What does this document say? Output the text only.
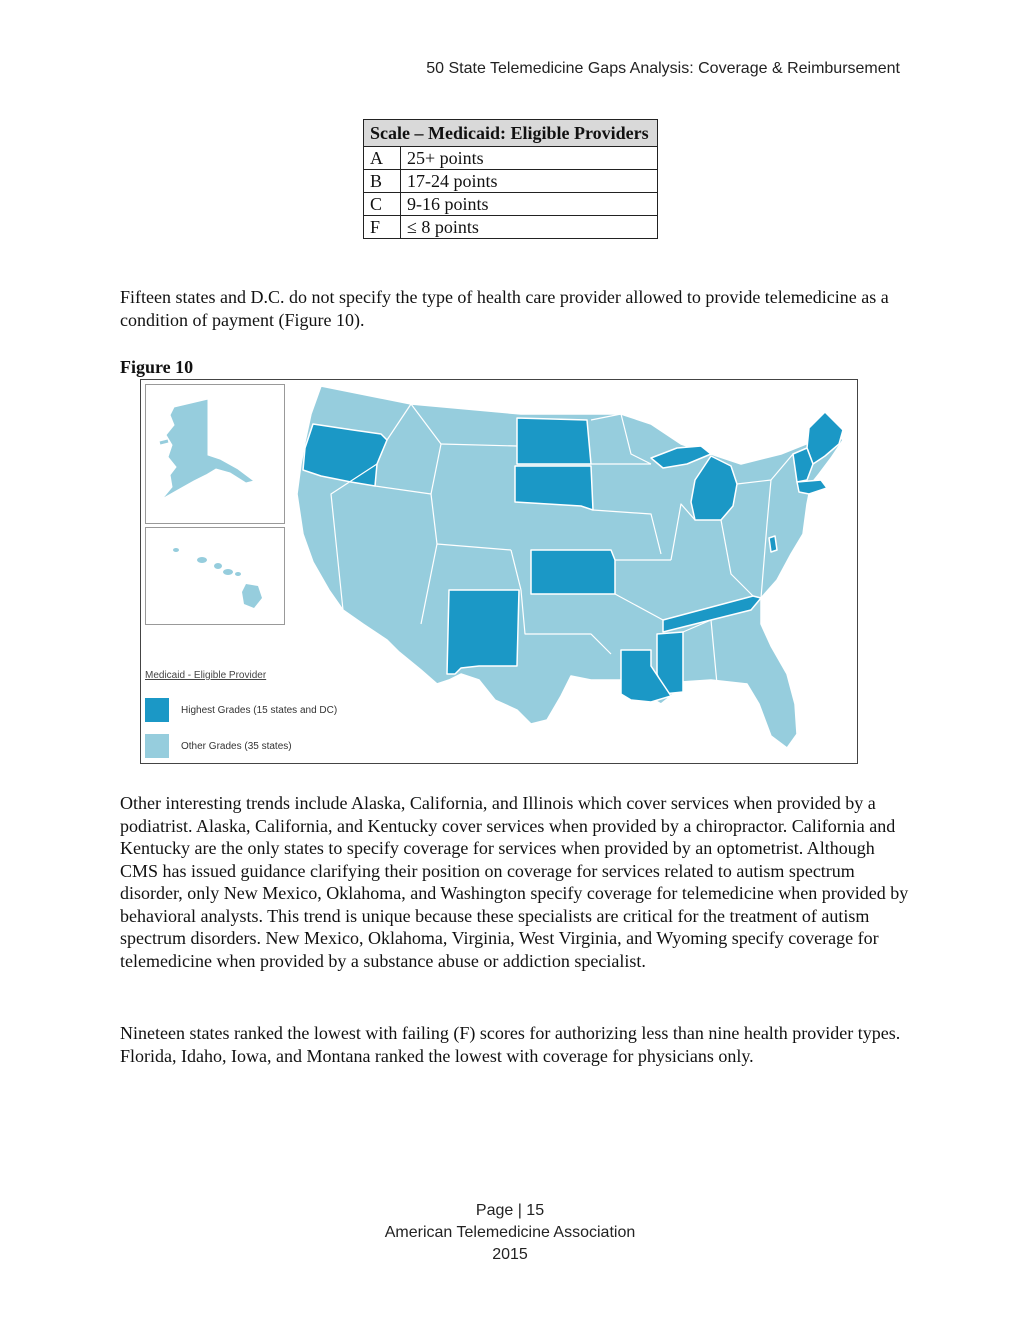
50 State Telemedicine Gaps Analysis: Coverage & Reimbursement
Scale – Medicaid: Eligible Providers	
A	25+ points
B	17-24 points
C	9-16 points
F	≤ 8 points

Fifteen states and D.C. do not specify the type of health care provider allowed to provide telemedicine as a condition of payment (Figure 10).

Figure 10
Medicaid - Eligible Provider
Highest Grades (15 states and DC)
Other Grades (35 states)

Other interesting trends include Alaska, California, and Illinois which cover services when provided by a podiatrist. Alaska, California, and Kentucky cover services when provided by a chiropractor. California and Kentucky are the only states to specify coverage for services when provided by an optometrist. Although CMS has issued guidance clarifying their position on coverage for services related to autism spectrum disorder, only New Mexico, Oklahoma, and Washington specify coverage for telemedicine when provided by behavioral analysts. This trend is unique because these specialists are critical for the treatment of autism spectrum disorders. New Mexico, Oklahoma, Virginia, West Virginia, and Wyoming specify coverage for telemedicine when provided by a substance abuse or addiction specialist.

Nineteen states ranked the lowest with failing (F) scores for authorizing less than nine health provider types. Florida, Idaho, Iowa, and Montana ranked the lowest with coverage for physicians only.

Page | 15
American Telemedicine Association
2015
